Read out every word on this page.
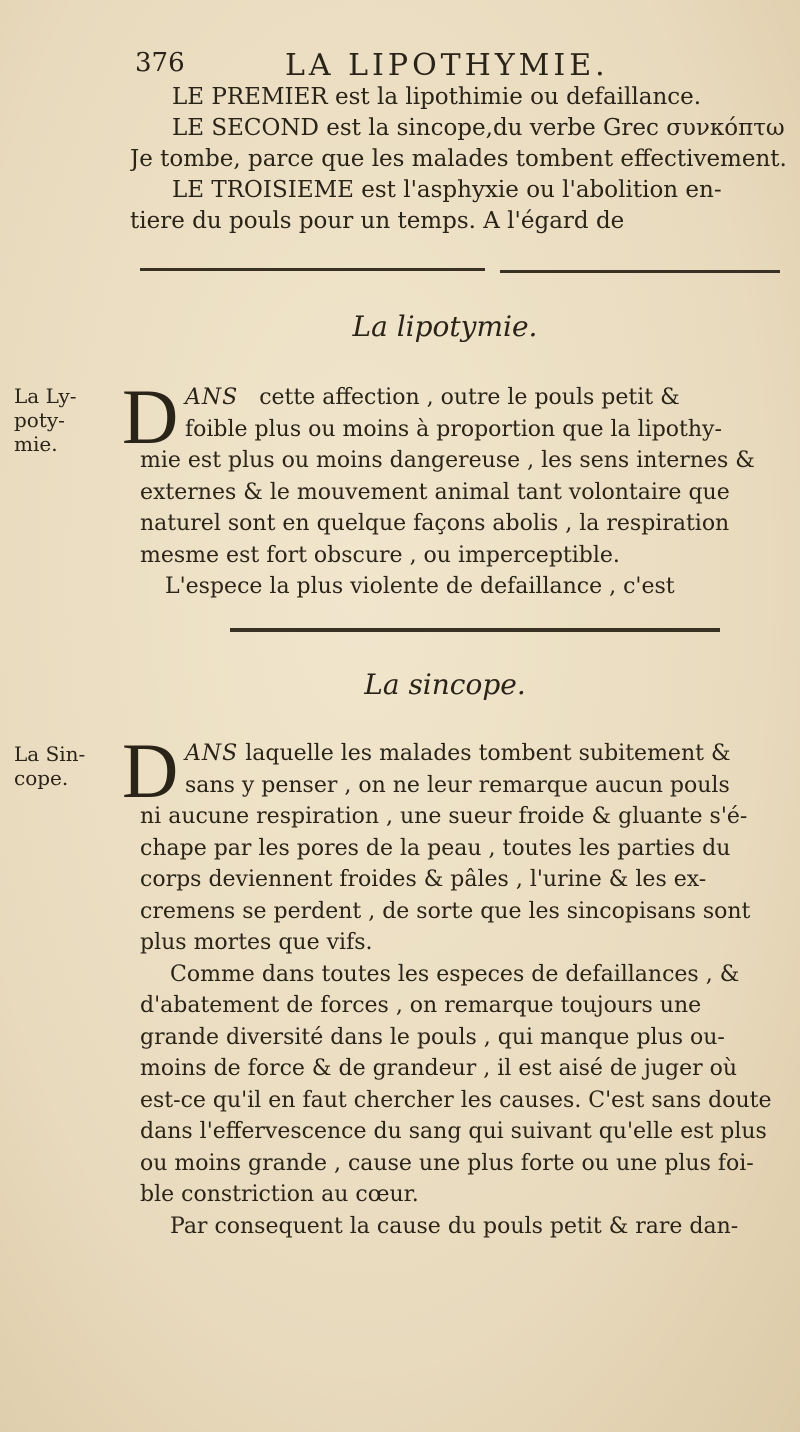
376	LA LIPOTHYMIE.
LE PREMIER est la lipothimie ou defaillance.
LE SECOND est la sincope,du verbe Grec συνκόπτω
Je tombe, parce que les malades tombent effectivement.
LE TROISIEME est l'asphyxie ou l'abolition en-
tiere du pouls pour un temps. A l'égard de
La lipotymie.
La Ly-
poty-
mie. D ANS cette affection , outre le pouls petit &
foible plus ou moins à proportion que la lipothy-
mie est plus ou moins dangereuse , les sens internes &
externes & le mouvement animal tant volontaire que
naturel sont en quelque façons abolis , la respiration
mesme est fort obscure , ou imperceptible.
L'espece la plus violente de defaillance , c'est
La sincope.
La Sin-
cope. D ANS laquelle les malades tombent subitement &
sans y penser , on ne leur remarque aucun pouls
ni aucune respiration , une sueur froide & gluante s'é-
chape par les pores de la peau , toutes les parties du
corps deviennent froides & pâles , l'urine & les ex-
cremens se perdent , de sorte que les sincopisans sont
plus mortes que vifs.
Comme dans toutes les especes de defaillances , &
d'abatement de forces , on remarque toujours une
grande diversité dans le pouls , qui manque plus ou-
moins de force & de grandeur , il est aisé de juger où
est-ce qu'il en faut chercher les causes. C'est sans doute
dans l'effervescence du sang qui suivant qu'elle est plus
ou moins grande , cause une plus forte ou une plus foi-
ble constriction au cœur.
Par consequent la cause du pouls petit & rare dan-
